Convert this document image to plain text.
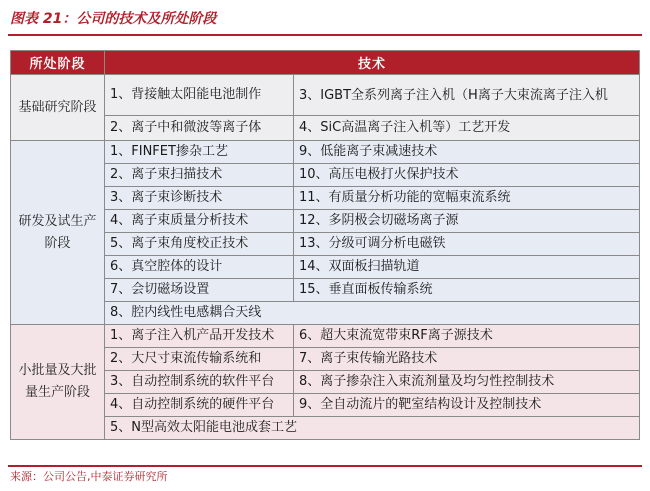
图表 21：公司的技术及所处阶段
所处阶段	技术	
基础研究阶段	1、背接触太阳能电池制作	3、IGBT全系列离子注入机（H离子大束流离子注入机
	2、离子中和微波等离子体	4、SiC高温离子注入机等）工艺开发
研发及试生产阶段	1、FINFET掺杂工艺	9、低能离子束减速技术
	2、离子束扫描技术	10、高压电极打火保护技术
	3、离子束诊断技术	11、有质量分析功能的宽幅束流系统
	4、离子束质量分析技术	12、多阴极会切磁场离子源
	5、离子束角度校正技术	13、分级可调分析电磁铁
	6、真空腔体的设计	14、双面板扫描轨道
	7、会切磁场设置	15、垂直面板传输系统
	8、腔内线性电感耦合天线	
小批量及大批量生产阶段	1、离子注入机产品开发技术	6、超大束流宽带束RF离子源技术
	2、大尺寸束流传输系统和	7、离子束传输光路技术
	3、自动控制系统的软件平台	8、离子掺杂注入束流剂量及均匀性控制技术
	4、自动控制系统的硬件平台	9、全自动流片的靶室结构设计及控制技术
	5、N型高效太阳能电池成套工艺	
来源：公司公告,中泰证券研究所
